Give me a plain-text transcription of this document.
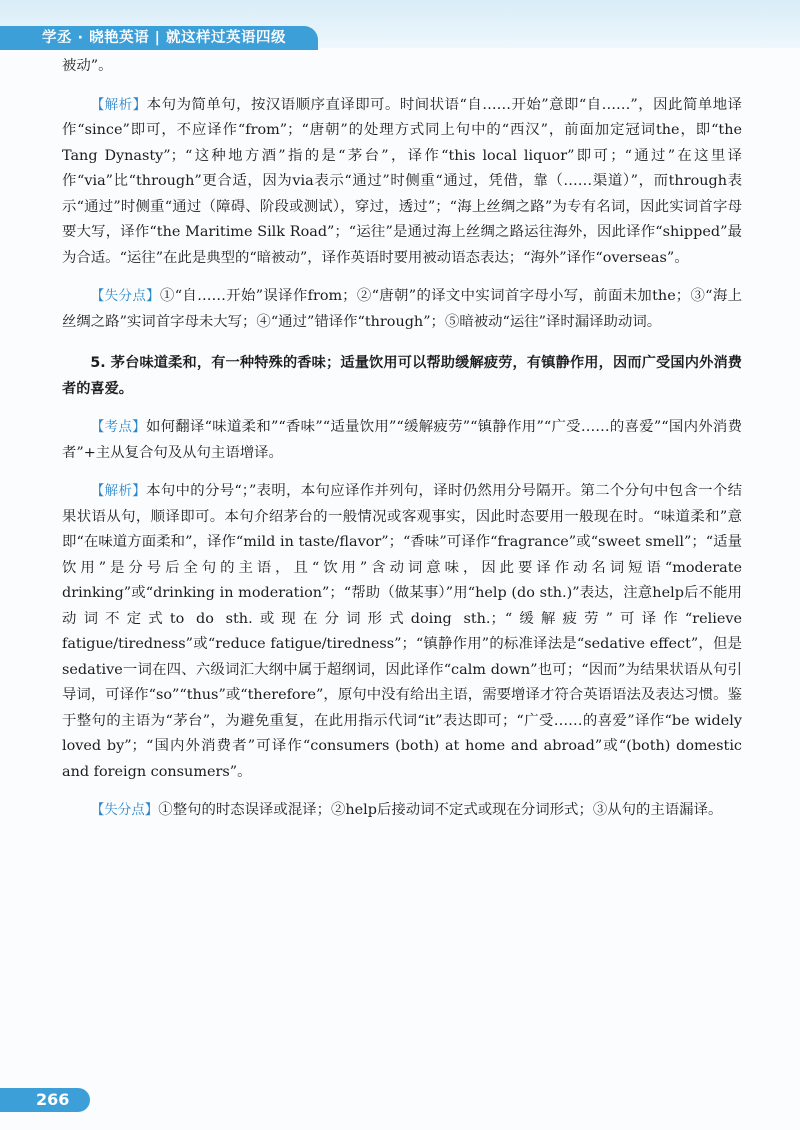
学丞 · 晓艳英语 | 就这样过英语四级

被动”。

【解析】本句为简单句，按汉语顺序直译即可。时间状语“自……开始”意即“自……”，因此简单地译作“since”即可，不应译作“from”；“唐朝”的处理方式同上句中的“西汉”，前面加定冠词the，即“the Tang Dynasty”；“这种地方酒”指的是“茅台”，译作“this local liquor”即可；“通过”在这里译作“via”比“through”更合适，因为via表示“通过”时侧重“通过，凭借，靠（……渠道）”，而through表示“通过”时侧重“通过（障碍、阶段或测试），穿过，透过”；“海上丝绸之路”为专有名词，因此实词首字母要大写，译作“the Maritime Silk Road”；“运往”是通过海上丝绸之路运往海外，因此译作“shipped”最为合适。“运往”在此是典型的“暗被动”，译作英语时要用被动语态表达；“海外”译作“overseas”。

【失分点】①“自……开始”误译作from；②“唐朝”的译文中实词首字母小写，前面未加the；③“海上丝绸之路”实词首字母未大写；④“通过”错译作“through”；⑤暗被动“运往”译时漏译助动词。

5. 茅台味道柔和，有一种特殊的香味；适量饮用可以帮助缓解疲劳，有镇静作用，因而广受国内外消费者的喜爱。

【考点】如何翻译“味道柔和”“香味”“适量饮用”“缓解疲劳”“镇静作用”“广受……的喜爱”“国内外消费者”+主从复合句及从句主语增译。

【解析】本句中的分号“；”表明，本句应译作并列句，译时仍然用分号隔开。第二个分句中包含一个结果状语从句，顺译即可。本句介绍茅台的一般情况或客观事实，因此时态要用一般现在时。“味道柔和”意即“在味道方面柔和”，译作“mild in taste/flavor”；“香味”可译作“fragrance”或“sweet smell”；“适量饮用”是分号后全句的主语，且“饮用”含动词意味，因此要译作动名词短语“moderate drinking”或“drinking in moderation”；“帮助（做某事）”用“help (do sth.)”表达，注意help后不能用动词不定式to do sth.或现在分词形式doing sth.；“缓解疲劳”可译作“relieve fatigue/tiredness”或“reduce fatigue/tiredness”；“镇静作用”的标准译法是“sedative effect”，但是sedative一词在四、六级词汇大纲中属于超纲词，因此译作“calm down”也可；“因而”为结果状语从句引导词，可译作“so”“thus”或“therefore”，原句中没有给出主语，需要增译才符合英语语法及表达习惯。鉴于整句的主语为“茅台”，为避免重复，在此用指示代词“it”表达即可；“广受……的喜爱”译作“be widely loved by”；“国内外消费者”可译作“consumers (both) at home and abroad”或“(both) domestic and foreign consumers”。

【失分点】①整句的时态误译或混译；②help后接动词不定式或现在分词形式；③从句的主语漏译。

266
